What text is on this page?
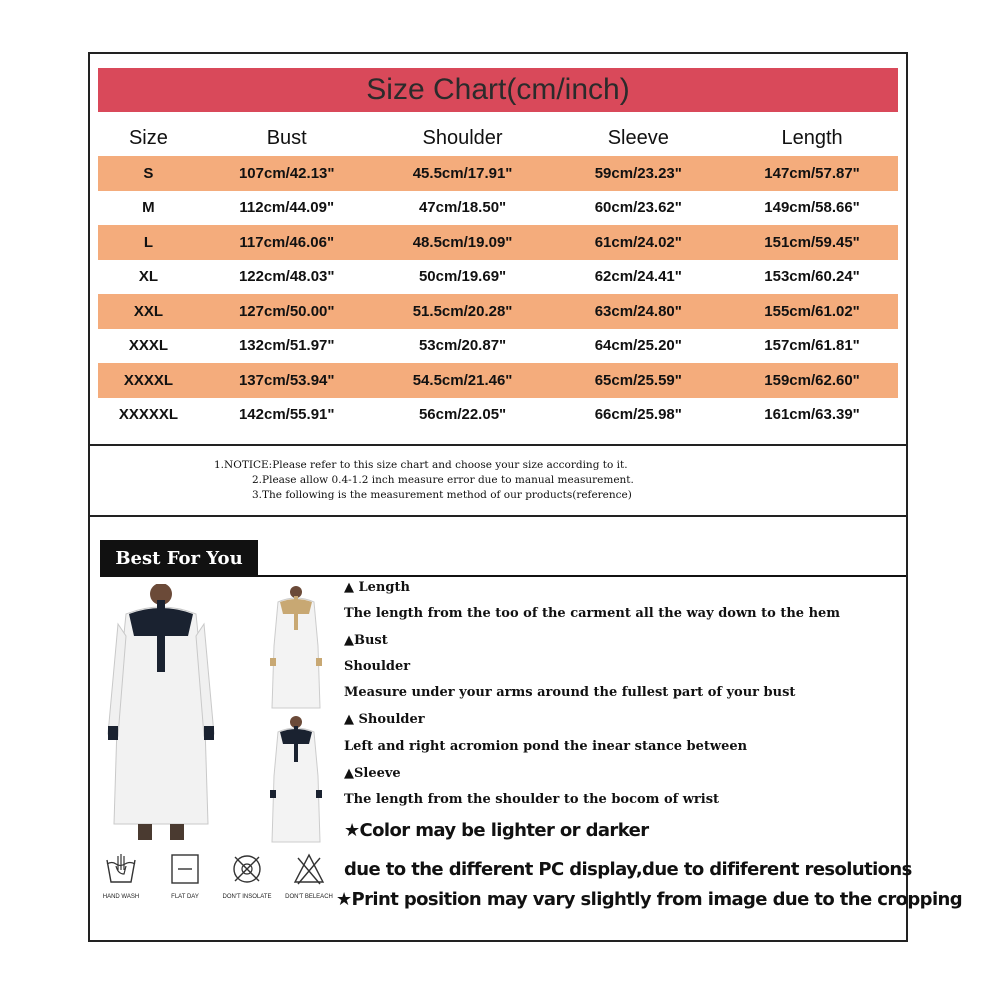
Size Chart(cm/inch)
Size	Bust	Shoulder	Sleeve	Length
S	107cm/42.13"	45.5cm/17.91"	59cm/23.23"	147cm/57.87"
M	112cm/44.09"	47cm/18.50"	60cm/23.62"	149cm/58.66"
L	117cm/46.06"	48.5cm/19.09"	61cm/24.02"	151cm/59.45"
XL	122cm/48.03"	50cm/19.69"	62cm/24.41"	153cm/60.24"
XXL	127cm/50.00"	51.5cm/20.28"	63cm/24.80"	155cm/61.02"
XXXL	132cm/51.97"	53cm/20.87"	64cm/25.20"	157cm/61.81"
XXXXL	137cm/53.94"	54.5cm/21.46"	65cm/25.59"	159cm/62.60"
XXXXXL	142cm/55.91"	56cm/22.05"	66cm/25.98"	161cm/63.39"
1.NOTICE:Please refer to this size chart and choose your size according to it.
2.Please allow 0.4-1.2 inch measure error due to manual measurement.
3.The following is the measurement method of our products(reference)
Best For You
▲ Length
The length from the too of the carment all the way down to the hem
▲Bust
Shoulder
Measure under your arms around the fullest part of your bust
▲ Shoulder
Left and right acromion pond the inear stance between
▲Sleeve
The length from the shoulder to the bocom of wrist
★Color may be lighter or darker
due to the different PC display,due to dififerent resolutions
★Print position may vary slightly from image due to the cropping
HAND WASH	FLAT DAY	DON'T INSOLATE	DON'T BELEACH
